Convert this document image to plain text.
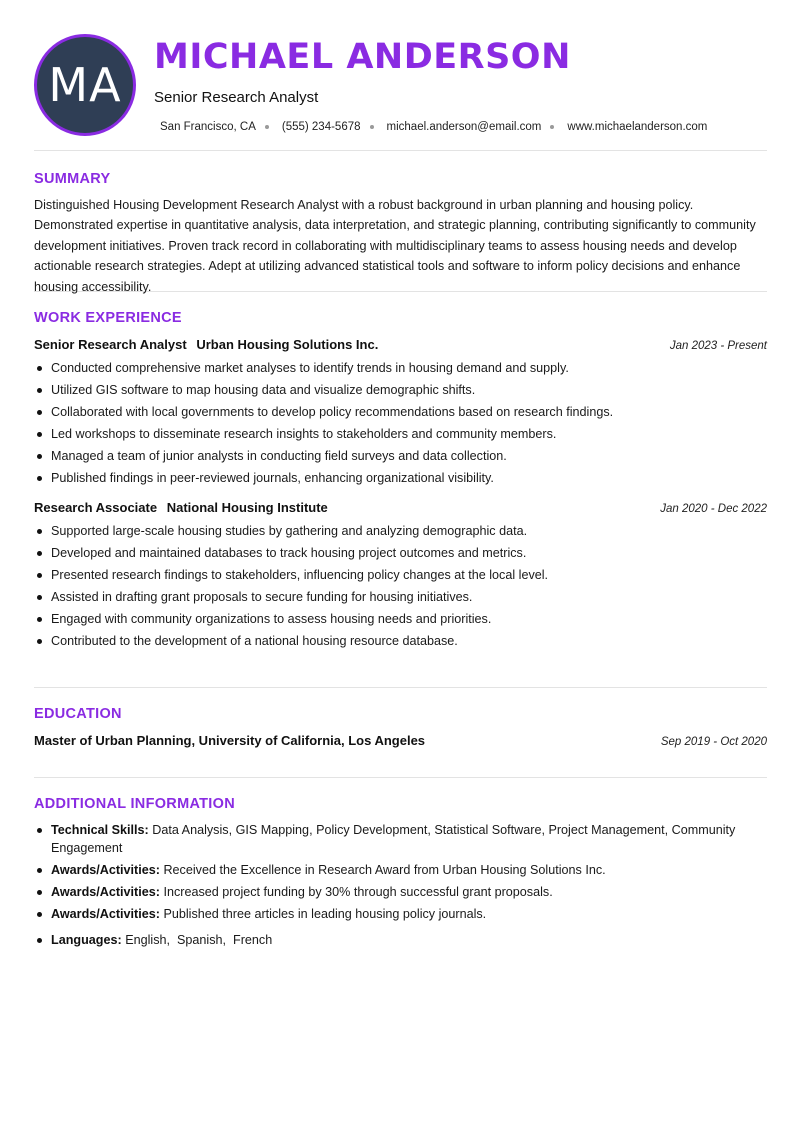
MA
MICHAEL ANDERSON
Senior Research Analyst
San Francisco, CA (555) 234-5678 michael.anderson@email.com www.michaelanderson.com
SUMMARY

Distinguished Housing Development Research Analyst with a robust background in urban planning and housing policy. Demonstrated expertise in quantitative analysis, data interpretation, and strategic planning, contributing significantly to community development initiatives. Proven track record in collaborating with multidisciplinary teams to assess housing needs and develop actionable research strategies. Adept at utilizing advanced statistical tools and software to inform policy decisions and enhance housing accessibility.

WORK EXPERIENCE
Senior Research Analyst Urban Housing Solutions Inc.	Jan 2023 - Present
Conducted comprehensive market analyses to identify trends in housing demand and supply.
Utilized GIS software to map housing data and visualize demographic shifts.
Collaborated with local governments to develop policy recommendations based on research findings.
Led workshops to disseminate research insights to stakeholders and community members.
Managed a team of junior analysts in conducting field surveys and data collection.
Published findings in peer-reviewed journals, enhancing organizational visibility.
Research Associate National Housing Institute	Jan 2020 - Dec 2022
Supported large-scale housing studies by gathering and analyzing demographic data.
Developed and maintained databases to track housing project outcomes and metrics.
Presented research findings to stakeholders, influencing policy changes at the local level.
Assisted in drafting grant proposals to secure funding for housing initiatives.
Engaged with community organizations to assess housing needs and priorities.
Contributed to the development of a national housing resource database.
EDUCATION
Master of Urban Planning, University of California, Los Angeles	Sep 2019 - Oct 2020
ADDITIONAL INFORMATION
Technical Skills: Data Analysis, GIS Mapping, Policy Development, Statistical Software, Project Management, Community Engagement
Awards/Activities: Received the Excellence in Research Award from Urban Housing Solutions Inc.
Awards/Activities: Increased project funding by 30% through successful grant proposals.
Awards/Activities: Published three articles in leading housing policy journals.
Languages: English,  Spanish,  French
